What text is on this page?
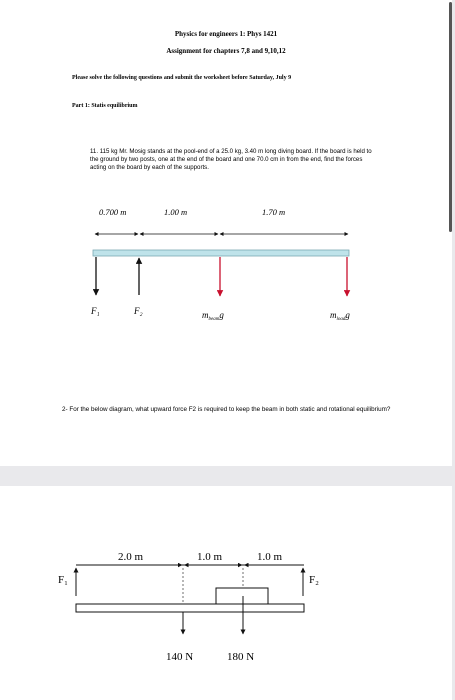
Physics for engineers 1: Phys 1421
Assignment for chapters 7,8 and 9,10,12
Please solve the following questions and submit the worksheet before Saturday, July 9
Part 1: Statis equilibrium
11. 115 kg Mr. Mosig stands at the pool-end of a 25.0 kg, 3.40 m long diving board. If the board is held to the ground by two posts, one at the end of the board and one 70.0 cm in from the end, find the forces acting on the board by each of the supports.
0.700 m	1.00 m	1.70 m
F₁	F₂	$m_{beam}g$	$m_{load}g$
2- For the below diagram, what upward force F2 is required to keep the beam in both static and rotational equilibrium?
2.0 m	1.0 m	1.0 m
F₁	F₂
140 N	180 N
